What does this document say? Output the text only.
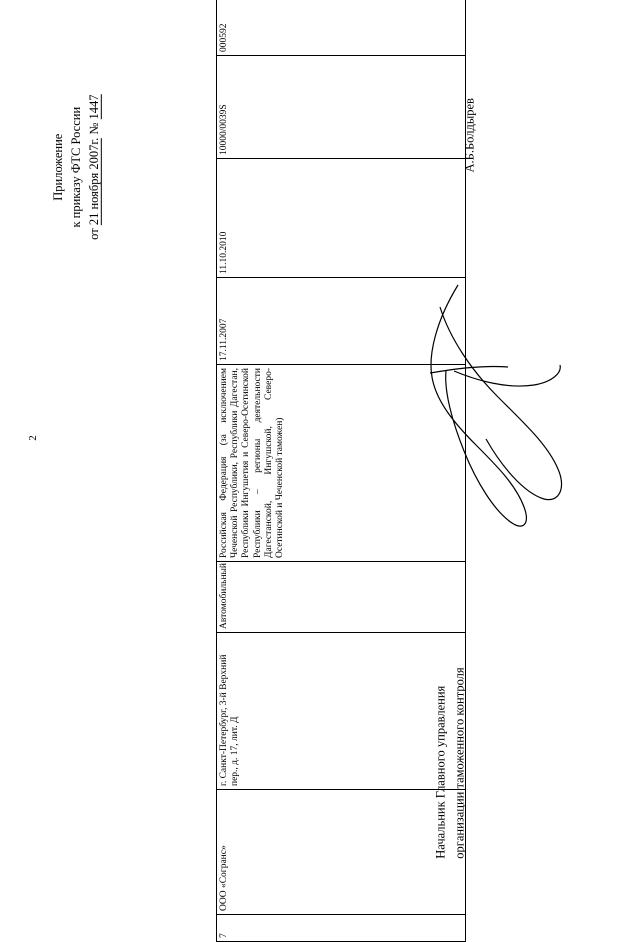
2
Приложение к приказу ФТС России
от 21 ноября 2007г. № 1447
7	ООО «Согранс»	г. Санкт-Петербург, 3-й Верхний пер., д. 17, лит. Д	Автомобильный	Российская Федерация (за исключением Чеченской Республики, Республики Дагестан, Республики Ингушетия и Северо-Осетинской Республики – регионы деятельности Дагестанской, Ингушской, Северо-Осетинской и Чеченской таможен)	17.11.2007	11.10.2010	10000/0039S	000592
Начальник Главного управления организации таможенного контроля
А.Б.Болдырев
